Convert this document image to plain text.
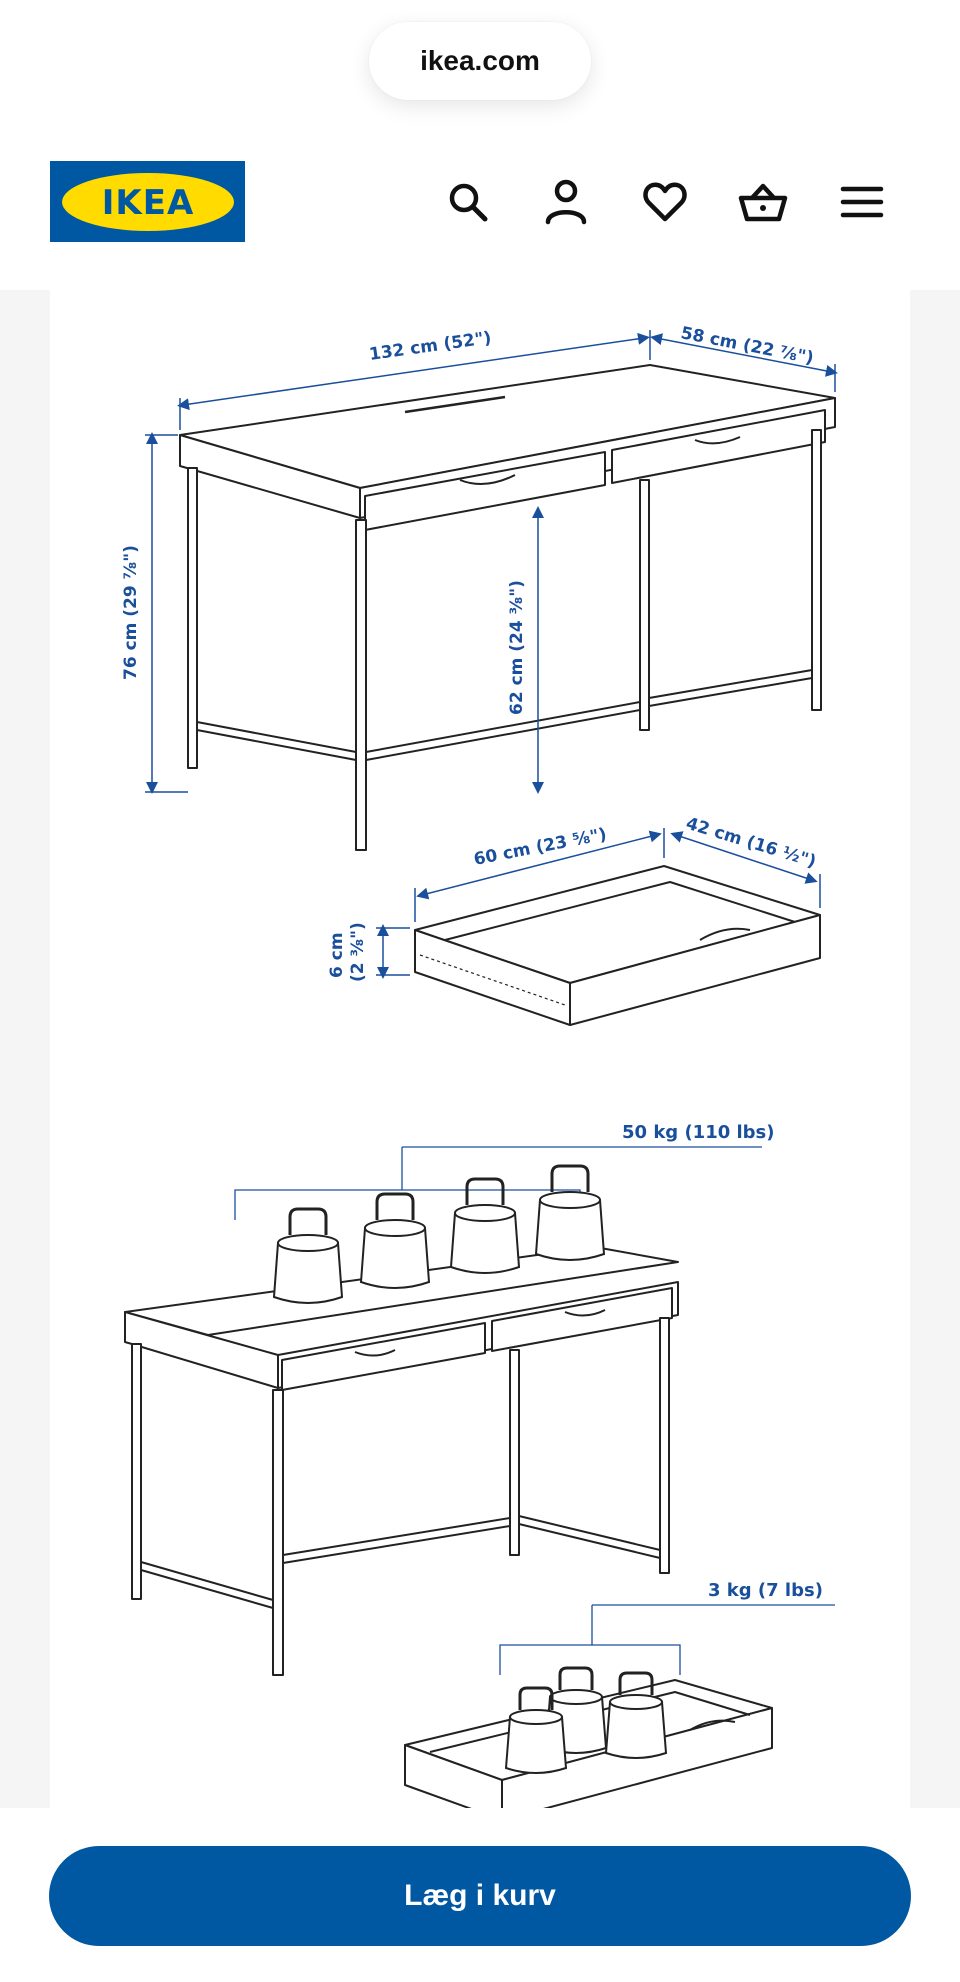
ikea.com
IKEA
132 cm (52")	58 cm (22 ⅞")
76 cm (29 ⅞")	62 cm (24 ⅜")
60 cm (23 ⅝")	42 cm (16 ½")
6 cm (2 ⅜")
50 kg (110 lbs)
3 kg (7 lbs)
Læg i kurv
